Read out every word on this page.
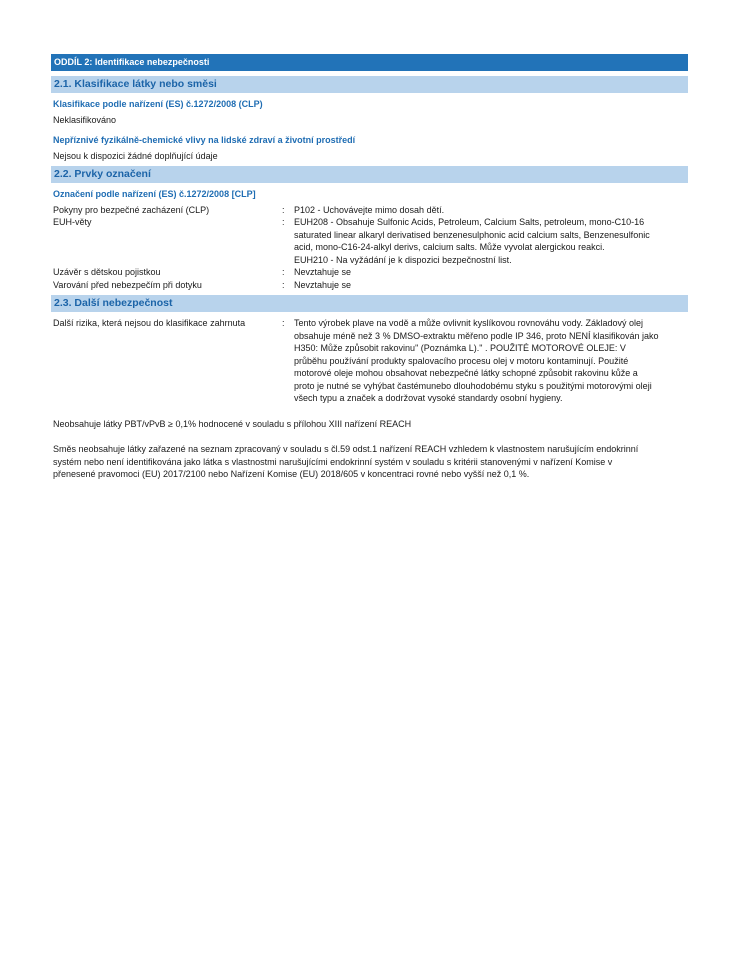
ODDÍL 2: Identifikace nebezpečnosti
2.1. Klasifikace látky nebo směsi
Klasifikace podle nařízení (ES) č.1272/2008 (CLP)
Neklasifikováno
Nepříznivé fyzikálně-chemické vlivy na lidské zdraví a životní prostředí
Nejsou k dispozici žádné doplňující údaje
2.2. Prvky označení
Označení podle nařízení (ES) č.1272/2008 [CLP]
Pokyny pro bezpečné zacházení (CLP)	:	P102 - Uchovávejte mimo dosah dětí.
EUH-věty	:	EUH208 - Obsahuje Sulfonic Acids, Petroleum, Calcium Salts, petroleum, mono-C10-16
saturated linear alkaryl derivatised benzenesulphonic acid calcium salts, Benzenesulfonic
acid, mono-C16-24-alkyl derivs, calcium salts. Může vyvolat alergickou reakci.
EUH210 - Na vyžádání je k dispozici bezpečnostní list.
Uzávěr s dětskou pojistkou	:	Nevztahuje se
Varování před nebezpečím při dotyku	:	Nevztahuje se
2.3. Další nebezpečnost
Další rizika, která nejsou do klasifikace zahrnuta	:	Tento výrobek plave na vodě a může ovlivnit kyslíkovou rovnováhu vody. Základový olej
obsahuje méně než 3 % DMSO-extraktu měřeno podle IP 346, proto NENÍ klasifikován jako
H350: Může způsobit rakovinu" (Poznámka L)." . POUŽITÉ MOTOROVÉ OLEJE: V
průběhu používání produkty spalovacího procesu olej v motoru kontaminují. Použité
motorové oleje mohou obsahovat nebezpečné látky schopné způsobit rakovinu kůže a
proto je nutné se vyhýbat častémunebo dlouhodobému styku s použitými motorovými oleji
všech typu a značek a dodržovat vysoké standardy osobní hygieny.
Neobsahuje látky PBT/vPvB ≥ 0,1% hodnocené v souladu s přílohou XIII nařízení REACH
Směs neobsahuje látky zařazené na seznam zpracovaný v souladu s čl.59 odst.1 nařízení REACH vzhledem k vlastnostem narušujícím endokrinní
systém nebo není identifikována jako látka s vlastnostmi narušujícími endokrinní systém v souladu s kritérii stanovenými v nařízení Komise v
přenesené pravomoci (EU) 2017/2100 nebo Nařízení Komise (EU) 2018/605 v koncentraci rovné nebo vyšší než 0,1 %.
